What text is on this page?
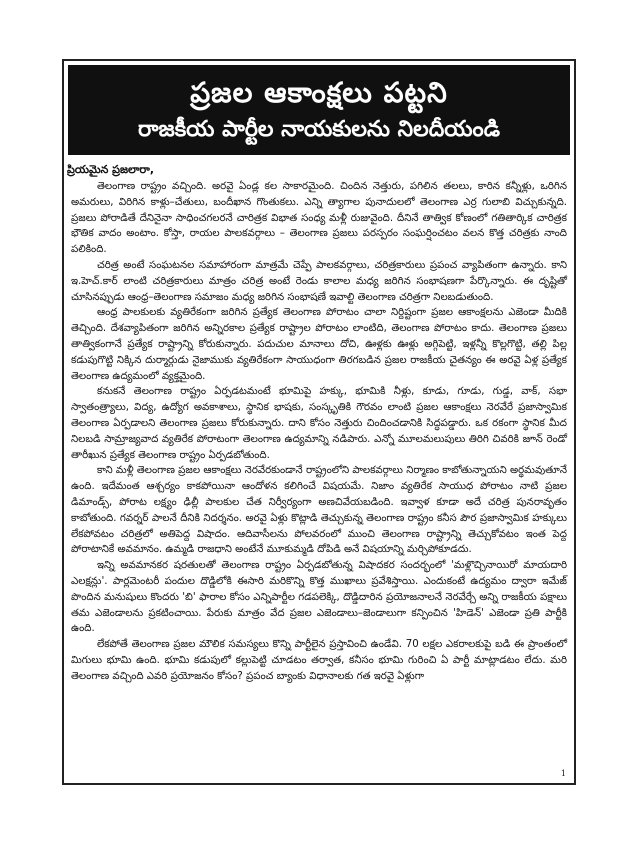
ప్రజల ఆకాంక్షలు పట్టని
రాజకీయ పార్టీల నాయకులను నిలదీయండి
ప్రియమైన ప్రజలారా,

తెలంగాణ రాష్ట్రం వచ్చింది. అరవై ఏండ్ల కల సాకారమైంది. చిందిన నెత్తురు, పగిలిన తలలు, కారిన కన్నీళ్లు, ఒరిగిన అమరులు, విరిగిన కాళ్లు–చేతులు, బందీఖాన గొంతుకలు. ఎన్ని త్యాగాల పునాదులలో తెలంగాణ ఎర్ర గులాబి విచ్చుకున్నది. ప్రజలు పోరాడితే దేనినైనా సాధించగలరనే చారిత్రక విభాత సంధ్య మళ్లీ రుజువైంది. దీనినే తాత్విక కోణంలో గతితార్కిక చారిత్రక భౌతిక వాదం అంటాం. కోస్తా, రాయల పాలకవర్గాలు – తెలంగాణ ప్రజలు పరస్పరం సంఘర్షించటం వలన కొత్త చరిత్రకు నాంది పలికింది.

చరిత్ర అంటే సంఘటనల సమాహారంగా మాత్రమే చెప్పే పాలకవర్గాలు, చరిత్రకారులు ప్రపంచ వ్యాపితంగా ఉన్నారు. కాని ఇ.హెచ్.కార్ లాంటి చరిత్రకారులు మాత్రం చరిత్ర అంటే రెండు కాలాల మధ్య జరిగిన సంభాషణగా పేర్కొన్నారు. ఈ దృష్టితో చూసినప్పుడు ఆంధ్ర–తెలంగాణ సమాజం మధ్య జరిగిన సంభాషణే ఇవాల్టి తెలంగాణ చరిత్రగా నిలబడుతుంది.

ఆంధ్ర పాలకులకు వ్యతిరేకంగా జరిగిన ప్రత్యేక తెలంగాణ పోరాటం చాలా నిర్దిష్టంగా ప్రజల ఆకాంక్షలను ఎజెండా మీదికి తెచ్చింది. దేశవ్యాపితంగా జరిగిన అన్నిరకాల ప్రత్యేక రాష్ట్రాల పోరాటం లాంటిది, తెలంగాణ పోరాటం కాదు. తెలంగాణ ప్రజలు తాత్వికంగానే ప్రత్యేక రాష్ట్రాన్ని కోరుకున్నారు. పదుచుల మానాలు దోచి, ఊళ్లకు ఊళ్లు అగ్గిపెట్టి, ఇళ్లన్నీ కొల్లగొట్టి, తల్లి పిల్ల కడుపుగొట్టి నిక్కిన దుర్మార్గుడు నైజాముకు వ్యతిరేకంగా సాయుధంగా తిరగబడిన ప్రజల రాజకీయ చైతన్యం ఈ అరవై ఏళ్ల ప్రత్యేక తెలంగాణ ఉద్యమంలో వ్యక్తమైంది.

కనుకనే తెలంగాణ రాష్ట్రం ఏర్పడటమంటే భూమిపై హక్కు, భూమికి నీళ్లు, కూడు, గూడు, గుడ్డ, వాక్, సభా స్వాతంత్ర్యాలు, విద్య, ఉద్యోగ అవకాశాలు, స్థానిక భాషకు, సంస్కృతికి గౌరవం లాంటి ప్రజల ఆకాంక్షలు నెరవేరే ప్రజాస్వామిక తెలంగాణ ఏర్పడాలని తెలంగాణ ప్రజలు కోరుకున్నారు. దాని కోసం నెత్తురు చిందించడానికి సిద్ధపడ్డారు. ఒక రకంగా స్థానిక మీద నిలబడి సామ్రాజ్యవాద వ్యతిరేక పోరాటంగా తెలంగాణ ఉద్యమాన్ని నడిపారు. ఎన్నో మూలమలుపులు తిరిగి చివరికి జూన్ రెండో తారీఖున ప్రత్యేక తెలంగాణ రాష్ట్రం ఏర్పడబోతుంది.

కాని మళ్లీ తెలంగాణ ప్రజల ఆకాంక్షలు నెరవేరకుండానే రాష్ట్రంలోని పాలకవర్గాలు నిర్మాణం కాబోతున్నాయని అర్థమవుతూనే ఉంది. ఇదేమంత ఆశ్చర్యం కాకపోయినా ఆందోళన కలిగించే విషయమే. నిజాం వ్యతిరేక సాయుధ పోరాటం నాటి ప్రజల డిమాండ్స్, పోరాట లక్ష్యం ఢిల్లీ పాలకుల చేత నిర్వీర్యంగా అణచివేయబడింది. ఇవ్వాళ కూడా అదే చరిత్ర పునరావృతం కాబోతుంది. గవర్నర్ పాలనే దీనికి నిదర్శనం. అరవై ఏళ్లు కొట్లాడి తెచ్చుకున్న తెలంగాణ రాష్ట్రం కనీస పౌర ప్రజాస్వామిక హక్కులు లేకపోవటం చరిత్రలో అతిపెద్ద విషాదం. ఆదివాసీలను పోలవరంలో ముంచి తెలంగాణ రాష్ట్రాన్ని తెచ్చుకోవటం ఇంత పెద్ద పోరాటానికే అవమానం. ఉమ్మడి రాజధాని అంటేనే మూకుమ్మడి దోపిడి అనే విషయాన్ని మర్చిపోకూడదు.

ఇన్ని అవమానకర షరతులతో తెలంగాణ రాష్ట్రం ఏర్పడబోతున్న విషాదకర సందర్భంలో 'మళ్లొచ్చినాయిరో మాయదారి ఎలక్షన్లు'. పార్లమెంటరీ పందుల దొడ్డిలోకి ఈసారి మరికొన్ని కొత్త ముఖాలు ప్రవేశిస్తాయి. ఎందుకంటే ఉద్యమం ద్వారా ఇమేజ్ పొందిన మనుషులు కొందరు 'బి' ఫారాల కోసం ఎన్నిపార్టీల గడపలెక్కి, దొడ్డిదారిన ప్రయోజనాలనే నెరవేర్చే అన్ని రాజకీయ పక్షాలు తమ ఎజెండాలను ప్రకటించాయి. పేరుకు మాత్రం వేద ప్రజల ఎజెండాలు–జెండాలుగా కన్పించిన 'హిడెన్' ఎజెండా ప్రతి పార్టీకి ఉంది.

లేకపోతే తెలంగాణ ప్రజల మౌలిక సమస్యలు కొన్ని పార్టీలైన ప్రస్తావించి ఉండేవి. 70 లక్షల ఎకరాలకుపై బడి ఈ ప్రాంతంలో మిగులు భూమి ఉంది. భూమి కడుపులో కల్లుపెట్టి చూడటం తర్వాత, కనీసం భూమి గురించి ఏ పార్టీ మాట్లాడటం లేదు. మరి తెలంగాణ వచ్చింది ఎవరి ప్రయోజనం కోసం? ప్రపంచ బ్యాంకు విధానాలకు గత ఇరవై ఏళ్లుగా

1
